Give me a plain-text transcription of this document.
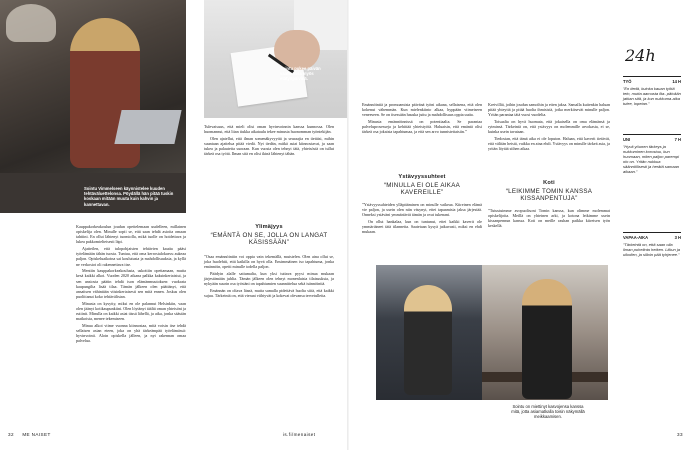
Sointu Vimmelseen käynnistelee kuuden tehtäväluettelonsa. Pöydällä hän pitää tuskin koskaan mitään muuta kuin kahvin ja kannettavan.
Sointu pukee päivän vaatteensa myös etätyöpäivinä.

Kauppakorkeakoulun joudun opettelemaan uudelleen, millainen opiskelija olen. Minulle sopii se, että saan tehdä asioita omaan tahtiini. En ollut lähtenyt tuomiolla, mikä tuolle on hoidettava ja lukea pakkomielteisesti läpi.

Ajatteilen, että tulopohjaisten tehtävien kautta pääsi työelämään tähän tuosta. Tuntuu, että oma kerrostalokasvu aukeaa paljon. Opiskeluaikoina sai koulutusta ja mahdollisuuksia, ja kyllä ne verkostot oli rakennettava itse.

Mentiin kauppakorkeakoulusta, uskottiin opettamaan, mutta kesä kaikki alkoi. Vuoden 2020 aikana palkka kaksinkertaistui, ja sen ansiosta päätin tehdä ison elämänmuutoksen: vuokrata kaupungilta lisää tilaa. Tämän jälkeen olen päättänyt, että ansaitsen vähintään viisinkertaisesti sen mitä ennen. Joskus olen puolittanut koko tehtävälistan.

Minusta on kysytty, miksi en ole palannut Helsinkiin, vaan olen jäänyt kotikaupunkiini. Olen löytänyt täältä oman yhteisöni ja rutiinit. Minulla on kaikki asiat tässä lähellä, ja aika, jonka säästän matkoista, menee tekemiseen.

Minua alkoi viime vuonna kiinnostaa, mitä voisin itse tehdä sellaisen asian eteen, joka on yhä tärkeämpää työelämässä: hyvinvointi. Aloin opiskella jälleen, ja nyt rakennan omaa palvelua.

Tulevaisuus, että mieli olisi oman hyvinvoinnin kanssa kunnossa. Olen huomannut, että liian tiukka aikataulu tekee minusta huonomman työntekijän.

Olen ajatellut, että ilman somenäkyvyyttä ja seuraajia en tietäisi, mihin suuntaan ajattelua pitää viedä. Nyt tiedän, mitkä asiat kiinnostavat, ja saan tukea ja palautetta suoraan. Kun vuosia olen tehnyt tätä, yhteisöstä on tullut tärkeä osa työtä. Ilman sitä en olisi ikinä lähtenyt tähän.

Ylimäjyys
“EMÄNTÄ ON SE, JOLLA ON LANGAT KÄSISSÄÄN”

”Osaa emännöintiin voi oppia vain tekemällä, muistelen. Olen aina ollut se, joka huolehtii, että kaikilla on hyvä olla. Ensimmäinen iso tapahtuma, jonka emännöin, opetti minulle todella paljon.

Päädyin alalle sattumalta, kun yksi tuttava pyysi minua mukaan järjestämään juhlia. Tämän jälkeen olen tehnyt monenlaisia tilaisuuksia, ja nykyään suurin osa työstäni on tapahtumien suunnittelua sekä isännöintiä.

Emännän on oltava läsnä, mutta samalla pidettävä huolta siitä, että kaikki sujuu. Tärkeintä on, että vieraat viihtyvät ja kokevat olevansa tervetulleita.

32 ME NAISET	is.fi/menaiset

Emännöintiä ja promoamista päivänä työni aikana, sellaisena, että olen kokenut vähemmän. Kun mielenkiinto alkaa, hyppään viimeiseen veneeseen. Se on itsessään hauska juttu ja mahdollisuus oppia uutta.

Minusta emännöinnissä on potentiaalia. Se parantaa palveluprosesseja ja kehittää yhteistyötä. Haluaisin, että emäntä olisi tärkeä osa jokaista tapahtumaa, ja että sen arvo tunnistettaisiin.”

Ystävyyssuhteet
“MINULLA EI OLE AIKAA KAVEREILLE”

”Ystävyyssuhteiden ylläpitäminen on minulle vaikeaa. Kiireinen elämä vie paljon, ja usein olen niin väsynyt, ettei tapaamisia jaksa järjestää. Onneksi ystäväni ymmärtävät tämän ja ovat tukenani.

On ollut hankalaa, kun on tuntunut, ettei kaikki kaverit ole ymmärtäneet tätä tilannetta. Saatetaan kysyä jatkuvasti, miksi en ehdi mukaan.

Kreivilliä, joihin joudun samoihin ja etten jaksa. Samalla kuitenkin haluan pitää yhteyttä ja pitää huolta ihmisistä, jotka merkitsevät minulle paljon. Yritän parantaa tätä vuosi vuodelta.

Toisaalta on hyvä huomata, että jokaisella on oma elämänsä ja rytminsä. Tärkeintä on, että ystävyys on molemmille arvokasta, ei se, kuinka usein tavataan.

Tiedostan, että tämä aika ei ole loputon. Haluan, että kaverit tietävät, että välitän heistä, vaikka en aina ehdi. Ystävyys on minulle tärkeä asia, ja yritän löytää siihen aikaa.

Koti
“LEIKIMME TOMIN KANSSA KISSANPENTUJA”

”Tutustuimme avopuolisoni Tomin kanssa, kun olimme molemmat opiskelijoita. Meillä on yhteinen arki, ja kotona leikimme usein kissanpennun kanssa. Koti on meille rauhan paikka kiireisen työn keskellä.

Sointu on miettinyt kasvojensa kanssa mitä, jotta asiamatkalla toisin näkymällä meikkaamisen.
24h
TYÖ	14 H
”En tiedä, kuinka kauan työtä tein, mutta aamusta ilta- päivään jatkan sitä, ja kun nukkuma-aika tulee, lopetan.”
UNI	7 H
”Hyvä yöunen tärkeys ja nukkuminen korostuu, kun huomaan, miten paljon parempi olo on. Yritän nukkua säännöllisesti ja herätä samaan aikaan.”
VAPAA-AIKA	3 H
”Tärkeintä on, että saan olla ilman puhelinta hetken. Liikun ja ulkoilen, ja silloin pää tyhjenee.”
33
